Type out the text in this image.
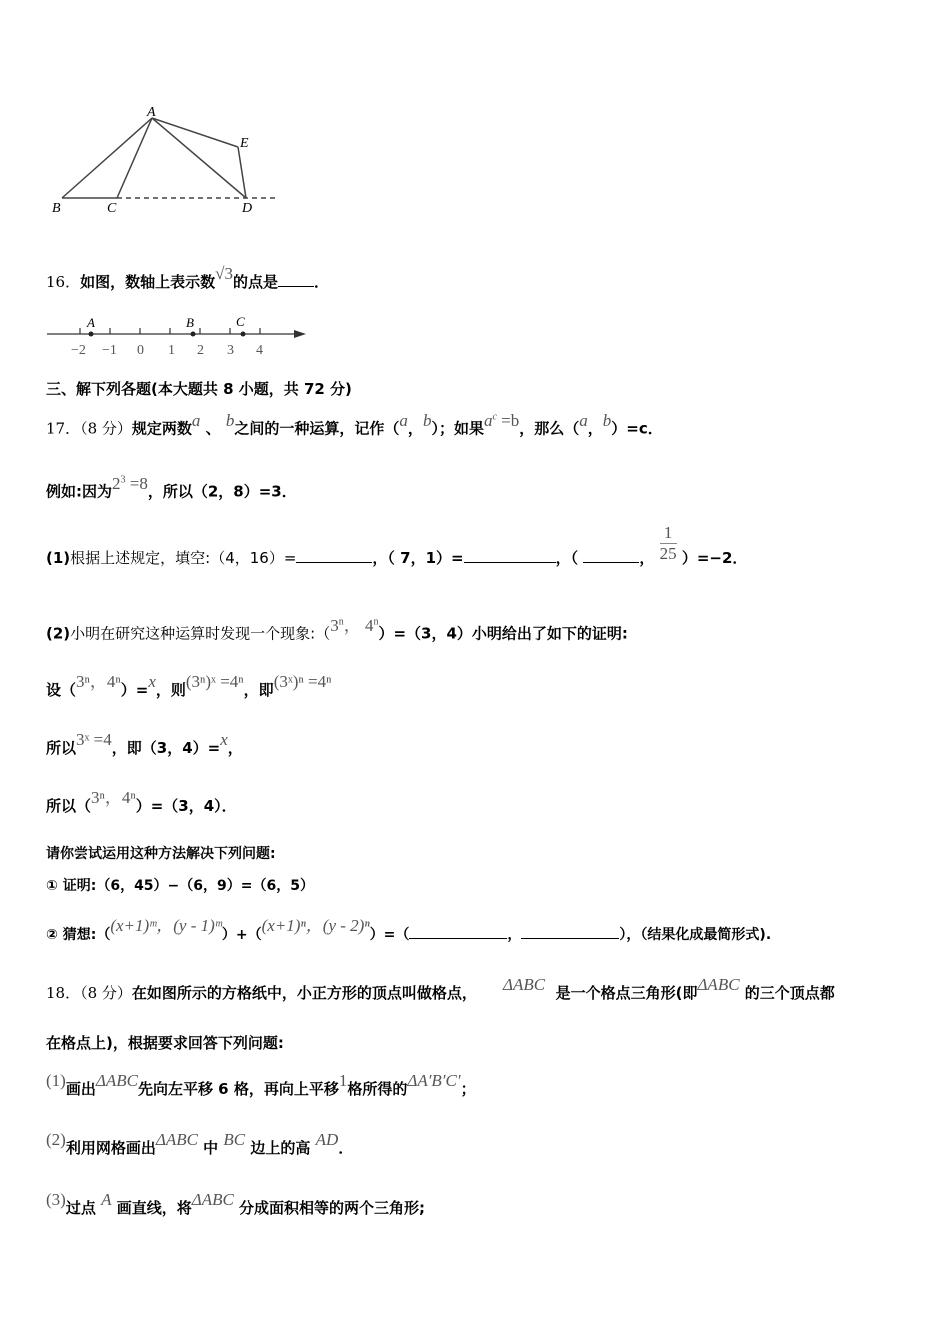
A
B	C	D
E
16．如图，数轴上表示数√3的点是 ．
A	B	C
−2 −1 0 1 2 3 4
三、解下列各题(本大题共 8 小题，共 72 分)
17．（8 分）规定两数a 、 b之间的一种运算，记作（a，b）；如果$a^c =b$，那么（a，b）=c．
例如:因为$2^3 =8$，所以（2，8）=3．
(1)根据上述规定，填空:（4，16）=	，（ 7，1）=	，（	， $\frac{1}{25} )=-2$．
(2)小明在研究这种运算时发现一个现象:（3$^n$， $4^n)=(3$，4）小明给出了如下的证明:
设（3ⁿ，4ⁿ）=x，则(3ⁿ)ˣ =4ⁿ，即(3ˣ)ⁿ =4ⁿ
所以3ˣ =4，即（3，4）=x，
所以（3ⁿ，4ⁿ）=（3，4）．
请你尝试运用这种方法解决下列问题:
① 证明:（6，45）−（6，9）=（6，5）
② 猜想:（(x+1)ᵐ，(y - 1)ᵐ）+（(x+1)ⁿ，(y - 2)ⁿ）=（	，	），（结果化成最简形式).
18．（8 分）在如图所示的方格纸中，小正方形的顶点叫做格点， ΔABC 是一个格点三角形(即ΔABC 的三个顶点都
在格点上)，根据要求回答下列问题:
(1)画出ΔABC先向左平移 6 格，再向上平移1格所得的ΔA′B′C′；
(2)利用网格画出ΔABC 中 BC 边上的高 AD．
(3)过点 A 画直线，将ΔABC 分成面积相等的两个三角形;
